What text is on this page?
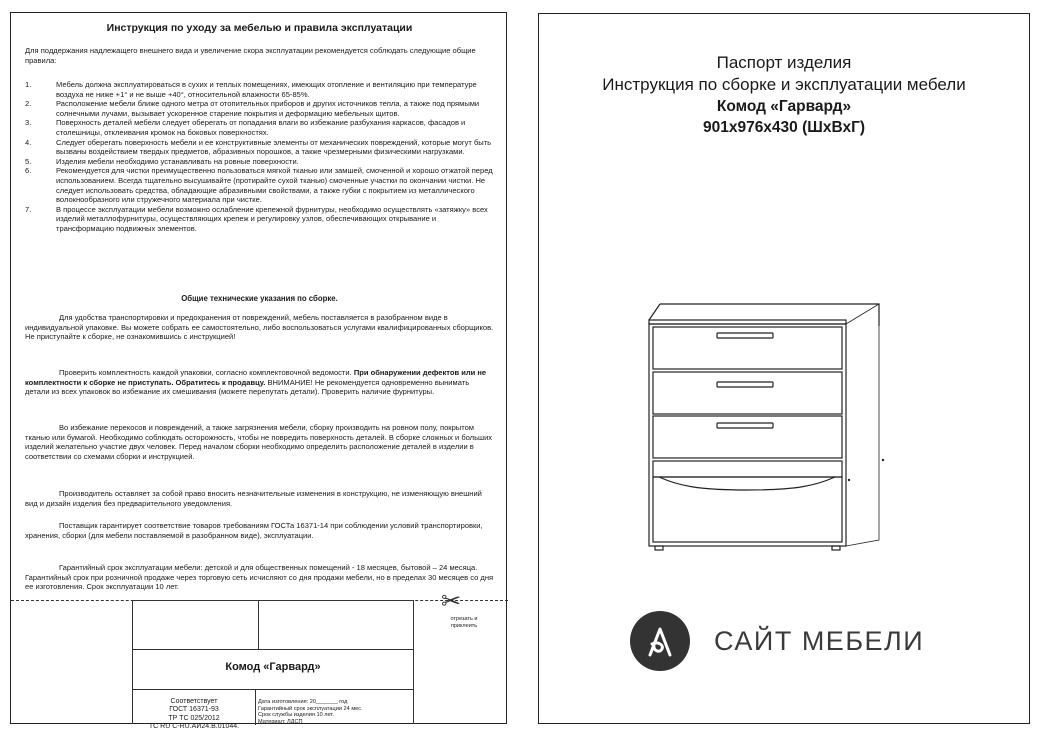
Инструкция по уходу за мебелью и правила эксплуатации
Для поддержания надлежащего внешнего вида и увеличение скора эксплуатации рекомендуется соблюдать следующие общие правила:
1.	Мебель должна эксплуатироваться в сухих и теплых помещениях, имеющих отопление и вентиляцию при температуре воздуха не ниже +1° и не выше +40°, относительной влажности 65-85%.
2.	Расположение мебели ближе одного метра от отопительных приборов и других источников тепла, а также под прямыми солнечными лучами, вызывает ускоренное старение покрытия и деформацию мебельных щитов.
3.	Поверхность деталей мебели следует оберегать от попадания влаги во избежание разбухания каркасов, фасадов и столешницы, отклеивания кромок на боковых поверхностях.
4.	Следует оберегать поверхность мебели и ее конструктивные элементы от механических повреждений, которые могут быть вызваны воздействием твердых предметов, абразивных порошков, а также чрезмерными физическими нагрузками.
5.	Изделия мебели необходимо устанавливать на ровные поверхности.
6.	Рекомендуется для чистки преимущественно пользоваться мягкой тканью или замшей, смоченной и хорошо отжатой перед использованием. Всегда тщательно высушивайте (протирайте сухой тканью) смоченные участки по окончании чистки. Не следует использовать средства, обладающие абразивными свойствами, а также губки с покрытием из металлического волокнообразного или стружечного материала при чистке.
7.	В процессе эксплуатации мебели возможно ослабление крепежной фурнитуры, необходимо осуществлять «затяжку» всех изделий металлофурнитуры, осуществляющих крепеж и регулировку узлов, обеспечивающих открывание и трансформацию подвижных элементов.
Общие технические указания по сборке.
Для удобства транспортировки и предохранения от повреждений, мебель поставляется в разобранном виде в индивидуальной упаковке. Вы можете собрать ее самостоятельно, либо воспользоваться услугами квалифицированных сборщиков. Не приступайте к сборке, не ознакомившись с инструкцией!
Проверить комплектность каждой упаковки, согласно комплектовочной ведомости. При обнаружении дефектов или не комплектности к сборке не приступать. Обратитесь к продавцу. ВНИМАНИЕ! Не рекомендуется одновременно вынимать детали из всех упаковок во избежание их смешивания (можете перепутать детали). Проверить наличие фурнитуры.
Во избежание перекосов и повреждений, а также загрязнения мебели, сборку производить на ровном полу, покрытом тканью или бумагой. Необходимо соблюдать осторожность, чтобы не повредить поверхность деталей. В сборке сложных и больших изделий желательно участие двух человек. Перед началом сборки необходимо определить расположение деталей в изделии в соответствии со схемами сборки и инструкцией.
Производитель оставляет за собой право вносить незначительные изменения в конструкцию, не изменяющую внешний вид и дизайн изделия без предварительного уведомления.
Поставщик гарантирует соответствие товаров требованиям ГОСТа 16371-14 при соблюдении условий транспортировки, хранения, сборки (для мебели поставляемой в разобранном виде), эксплуатации.
Гарантийный срок эксплуатации мебели: детской и для общественных помещений - 18 месяцев, бытовой – 24 месяца. Гарантийный срок при розничной продаже через торговую сеть исчисляют со дня продажи мебели, но в пределах 30 месяцев со дня ее изготовления. Срок эксплуатации 10 лет.
✂
отрезать и
приклеить
Комод «Гарвард»
Соответствует
ГОСТ 16371-93
ТР ТС 025/2012
TC RU C-RU.АИ24.В.01044.
Дата изготовления: 20_______ год
Гарантийный срок эксплуатации 24 мес.
Срок службы изделия 10 лет.
Материал: ЛДСП
Паспорт изделия
Инструкция по сборке и эксплуатации мебели
Комод «Гарвард»
901х976х430 (ШхВхГ)
САЙТ МЕБЕЛИ
